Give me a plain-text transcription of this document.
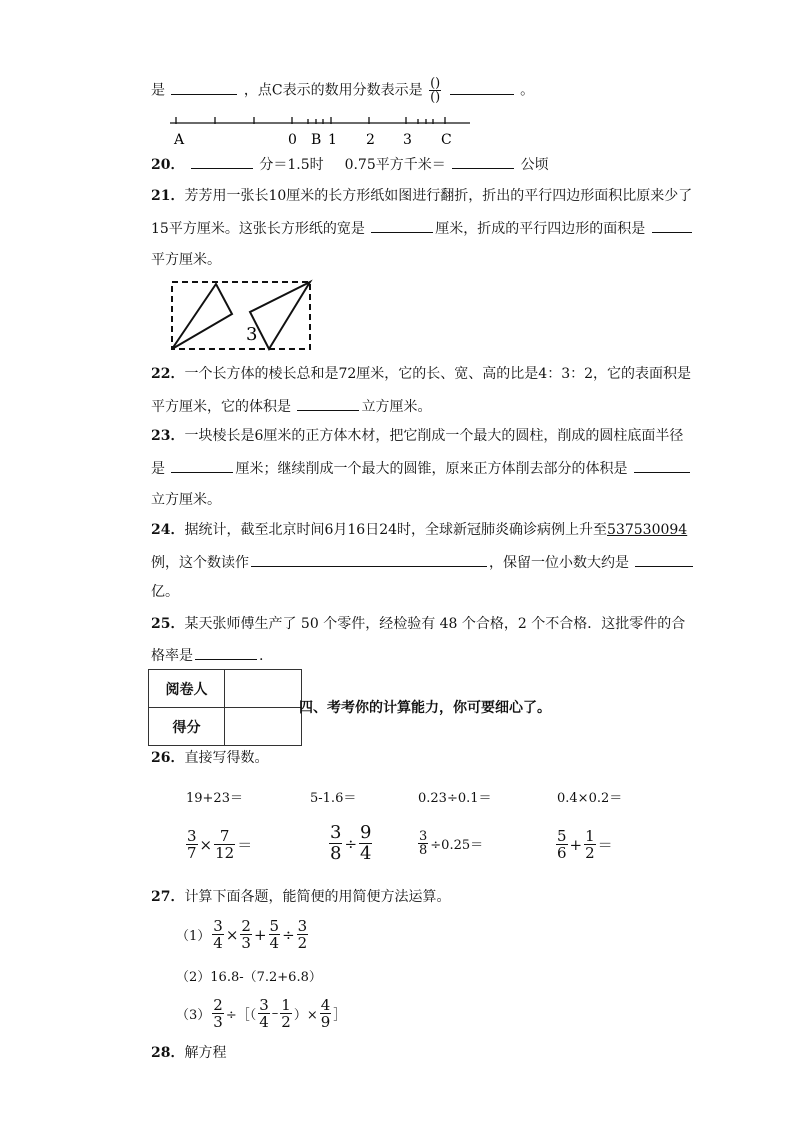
是	，点C表示的数用分数表示是 $\frac{()}{()}$	。
A	0 B 1 2 3 C
20．	分＝1.5时 0.75平方千米＝	公顷
21．芳芳用一张长10厘米的长方形纸如图进行翻折，折出的平行四边形面积比原来少了
15平方厘米。这张长方形纸的宽是	厘米，折成的平行四边形的面积是
平方厘米。
3
22．一个长方体的棱长总和是72厘米，它的长、宽、高的比是4：3：2，它的表面积是
平方厘米，它的体积是	立方厘米。
23．一块棱长是6厘米的正方体木材，把它削成一个最大的圆柱，削成的圆柱底面半径
是	厘米；继续削成一个最大的圆锥，原来正方体削去部分的体积是
立方厘米。
24．据统计，截至北京时间6月16日24时，全球新冠肺炎确诊病例上升至537530094
例，这个数读作	，保留一位小数大约是
亿。
25．某天张师傅生产了 50 个零件，经检验有 48 个合格，2 个不合格．这批零件的合
格率是	.
阅卷人	
得分	
四、考考你的计算能力，你可要细心了。
26．直接写得数。
19+23＝	5-1.6＝	0.23÷0.1＝	0.4×0.2＝
$\frac{3}{7} \times \frac{7}{12}$ ＝	$\frac{3}{8} \div \frac{9}{4}$	$\frac{3}{8} \div 0.25=$	$\frac{5}{6} + \frac{1}{2}$ ＝
27．计算下面各题，能简便的用简便方法运算。
$(1) \frac{3}{4} \times \frac{2}{3} + \frac{5}{4} \div \frac{3}{2}$
（2）16.8-（7.2+6.8）
$(3) \frac{2}{3}$ ÷［（ $\frac{3}{4} - \frac{1}{2}$ ）× $\frac{4}{9}$ ］
28．解方程
